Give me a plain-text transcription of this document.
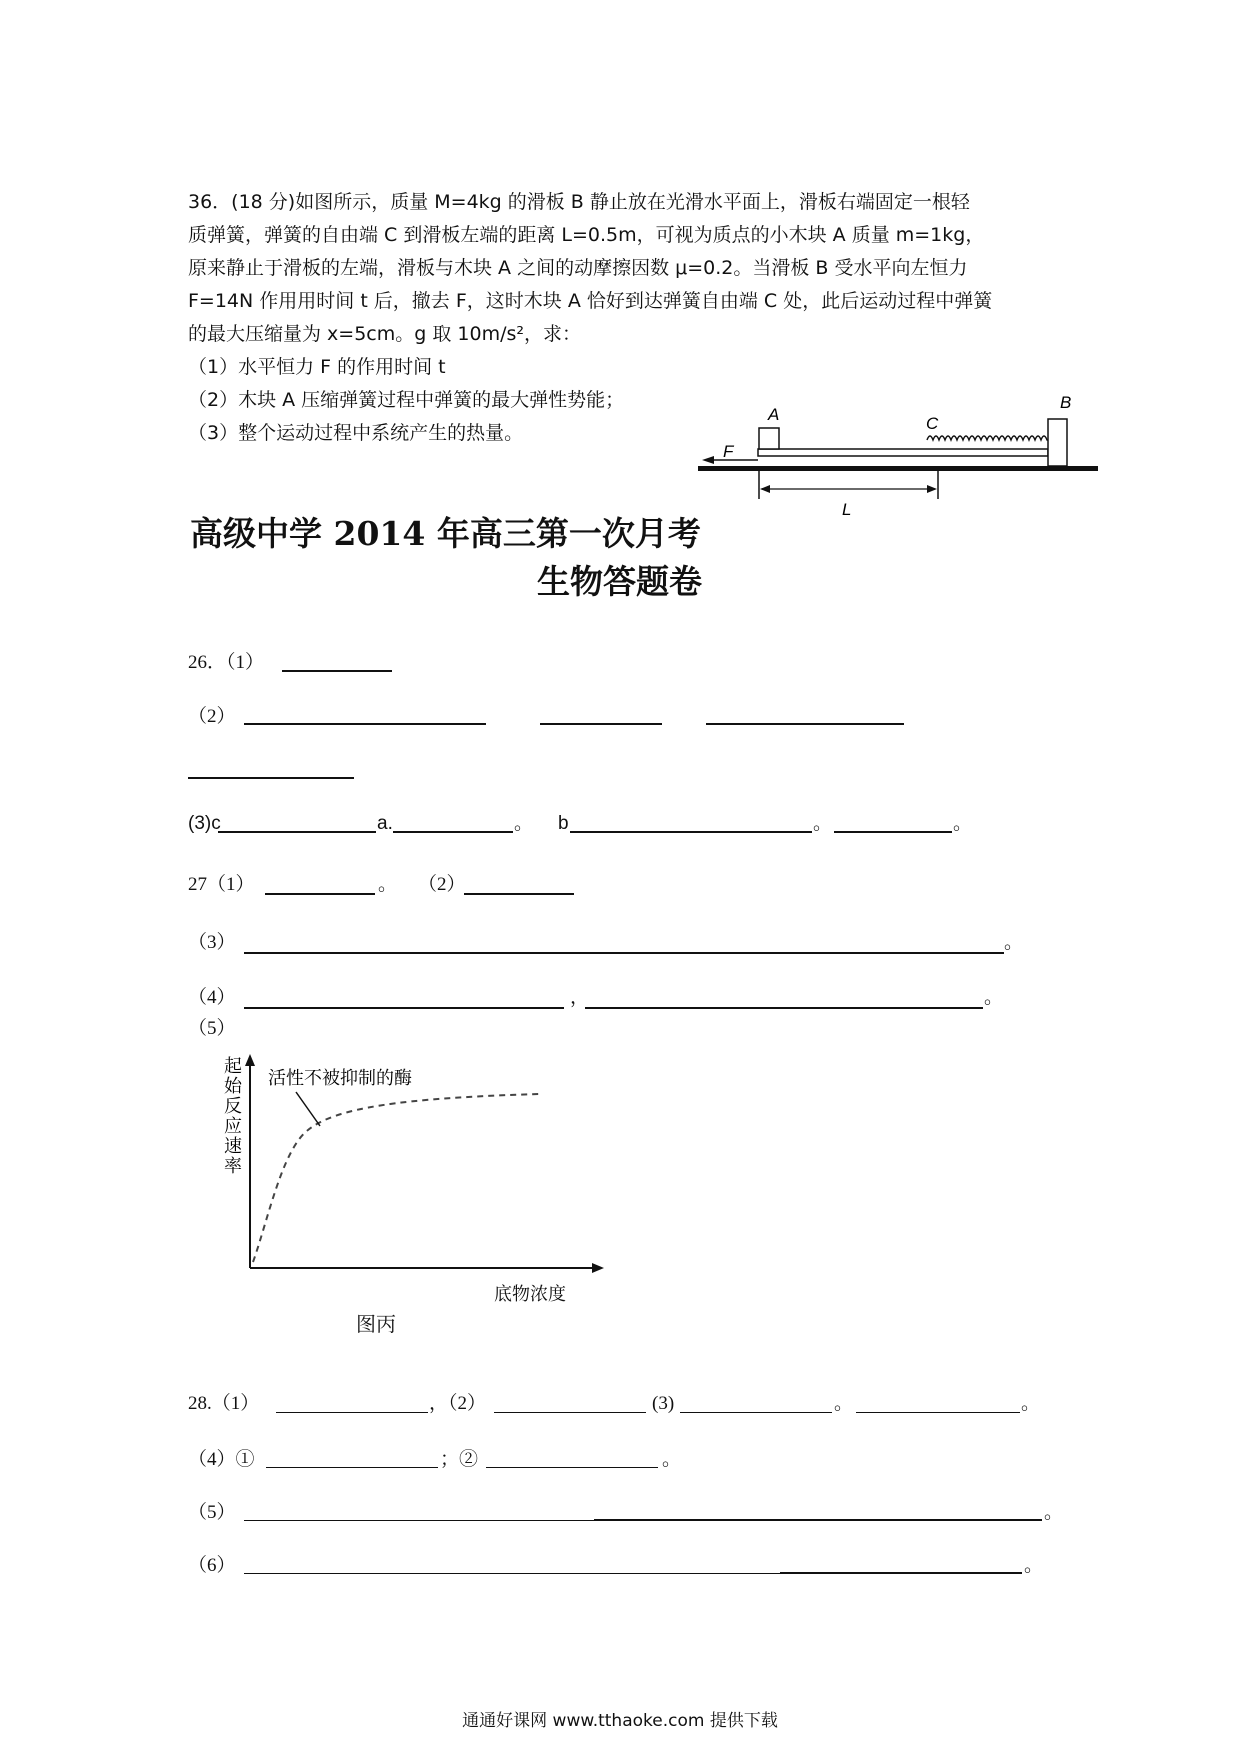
36．(18 分)如图所示，质量 M=4kg 的滑板 B 静止放在光滑水平面上，滑板右端固定一根轻

质弹簧，弹簧的自由端 C 到滑板左端的距离 L=0.5m，可视为质点的小木块 A 质量 m=1kg，

原来静止于滑板的左端，滑板与木块 A 之间的动摩擦因数 μ=0.2。当滑板 B 受水平向左恒力

F=14N 作用用时间 t 后，撤去 F，这时木块 A 恰好到达弹簧自由端 C 处，此后运动过程中弹簧

的最大压缩量为 x=5cm。g 取 10m/s²，求：

（1）水平恒力 F 的作用时间 t

（2）木块 A 压缩弹簧过程中弹簧的最大弹性势能；

（3）整个运动过程中系统产生的热量。

A
B
C
F
L
高级中学 2014 年高三第一次月考
生物答题卷
26．（1）
（2）
(3)c	a.	。 b	。	。
27（1）	。 （2）
（3）	。
（4）	，	。
（5）
活性不被抑制的酶
起
始
反
应
速
率
底物浓度
图丙
28.（1）	，（2）	(3)	。	。
（4）①	；②	。
（5）	。
（6）	。
通通好课网 www.tthaoke.com 提供下载
